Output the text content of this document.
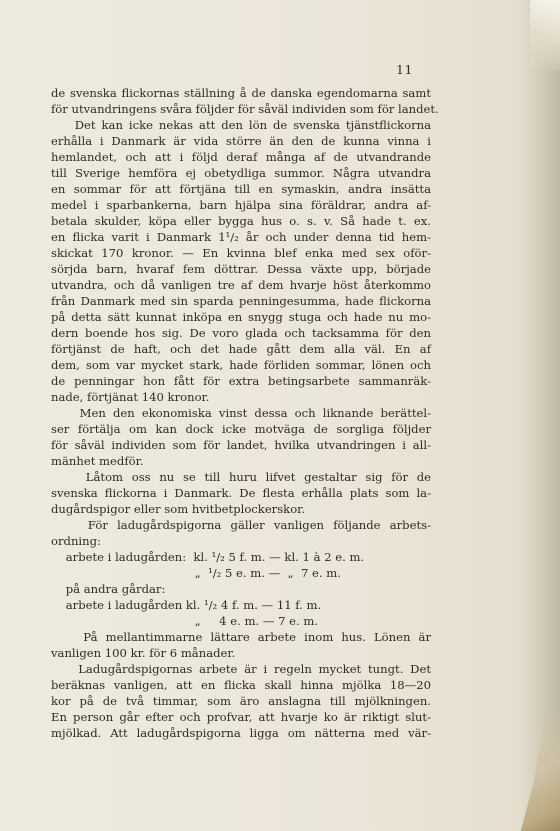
11
de svenska flickornas ställning å de danska egendomarna samt
för utvandringens svåra följder för såväl individen som för landet.
Det kan icke nekas att den lön de svenska tjänstflickorna
erhålla i Danmark är vida större än den de kunna vinna i
hemlandet, och att i följd deraf många af de utvandrande
till Sverige hemföra ej obetydliga summor. Några utvandra
en sommar för att förtjäna till en symaskin, andra insätta
medel i sparbankerna, barn hjälpa sina föräldrar, andra af-
betala skulder, köpa eller bygga hus o. s. v. Så hade t. ex.
en flicka varit i Danmark 1¹/₂ år och under denna tid hem-
skickat 170 kronor. — En kvinna blef enka med sex oför-
sörjda barn, hvaraf fem döttrar. Dessa växte upp, började
utvandra, och då vanligen tre af dem hvarje höst återkommo
från Danmark med sin sparda penningesumma, hade flickorna
på detta sätt kunnat inköpa en snygg stuga och hade nu mo-
dern boende hos sig. De voro glada och tacksamma för den
förtjänst de haft, och det hade gått dem alla väl. En af
dem, som var mycket stark, hade förliden sommar, lönen och
de penningar hon fått för extra betingsarbete sammanräk-
nade, förtjänat 140 kronor.
Men den ekonomiska vinst dessa och liknande berättel-
ser förtälja om kan dock icke motväga de sorgliga följder
för såväl individen som för landet, hvilka utvandringen i all-
mänhet medför.
Låtom oss nu se till huru lifvet gestaltar sig för de
svenska flickorna i Danmark. De flesta erhålla plats som la-
dugårdspigor eller som hvitbetplockerskor.
För ladugårdspigorna gäller vanligen följande arbets-
ordning:
arbete i ladugården:  kl. ¹/₂ 5 f. m. — kl. 1 à 2 e. m.
„  ¹/₂ 5 e. m. —  „  7 e. m.
på andra gårdar:
arbete i ladugården kl. ¹/₂ 4 f. m. — 11 f. m.
„     4 e. m. — 7 e. m.
På mellantimmarne lättare arbete inom hus. Lönen är
vanligen 100 kr. för 6 månader.
Ladugårdspigornas arbete är i regeln mycket tungt. Det
beräknas vanligen, att en flicka skall hinna mjölka 18—20
kor på de två timmar, som äro anslagna till mjölkningen.
En person går efter och profvar, att hvarje ko är riktigt slut-
mjölkad. Att ladugårdspigorna ligga om nätterna med vär-
